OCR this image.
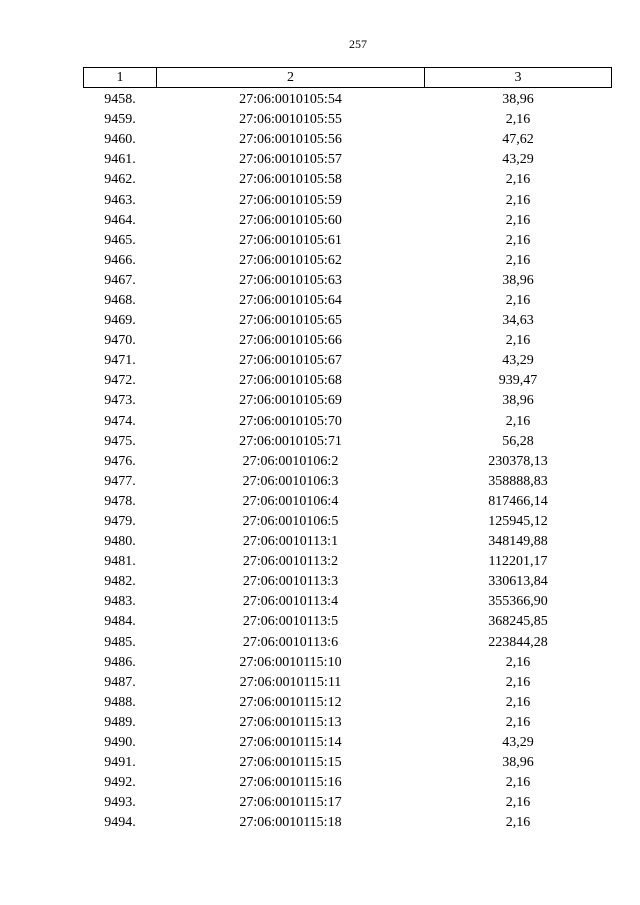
257
1	2	3
9458.	27:06:0010105:54	38,96
9459.	27:06:0010105:55	2,16
9460.	27:06:0010105:56	47,62
9461.	27:06:0010105:57	43,29
9462.	27:06:0010105:58	2,16
9463.	27:06:0010105:59	2,16
9464.	27:06:0010105:60	2,16
9465.	27:06:0010105:61	2,16
9466.	27:06:0010105:62	2,16
9467.	27:06:0010105:63	38,96
9468.	27:06:0010105:64	2,16
9469.	27:06:0010105:65	34,63
9470.	27:06:0010105:66	2,16
9471.	27:06:0010105:67	43,29
9472.	27:06:0010105:68	939,47
9473.	27:06:0010105:69	38,96
9474.	27:06:0010105:70	2,16
9475.	27:06:0010105:71	56,28
9476.	27:06:0010106:2	230378,13
9477.	27:06:0010106:3	358888,83
9478.	27:06:0010106:4	817466,14
9479.	27:06:0010106:5	125945,12
9480.	27:06:0010113:1	348149,88
9481.	27:06:0010113:2	112201,17
9482.	27:06:0010113:3	330613,84
9483.	27:06:0010113:4	355366,90
9484.	27:06:0010113:5	368245,85
9485.	27:06:0010113:6	223844,28
9486.	27:06:0010115:10	2,16
9487.	27:06:0010115:11	2,16
9488.	27:06:0010115:12	2,16
9489.	27:06:0010115:13	2,16
9490.	27:06:0010115:14	43,29
9491.	27:06:0010115:15	38,96
9492.	27:06:0010115:16	2,16
9493.	27:06:0010115:17	2,16
9494.	27:06:0010115:18	2,16
